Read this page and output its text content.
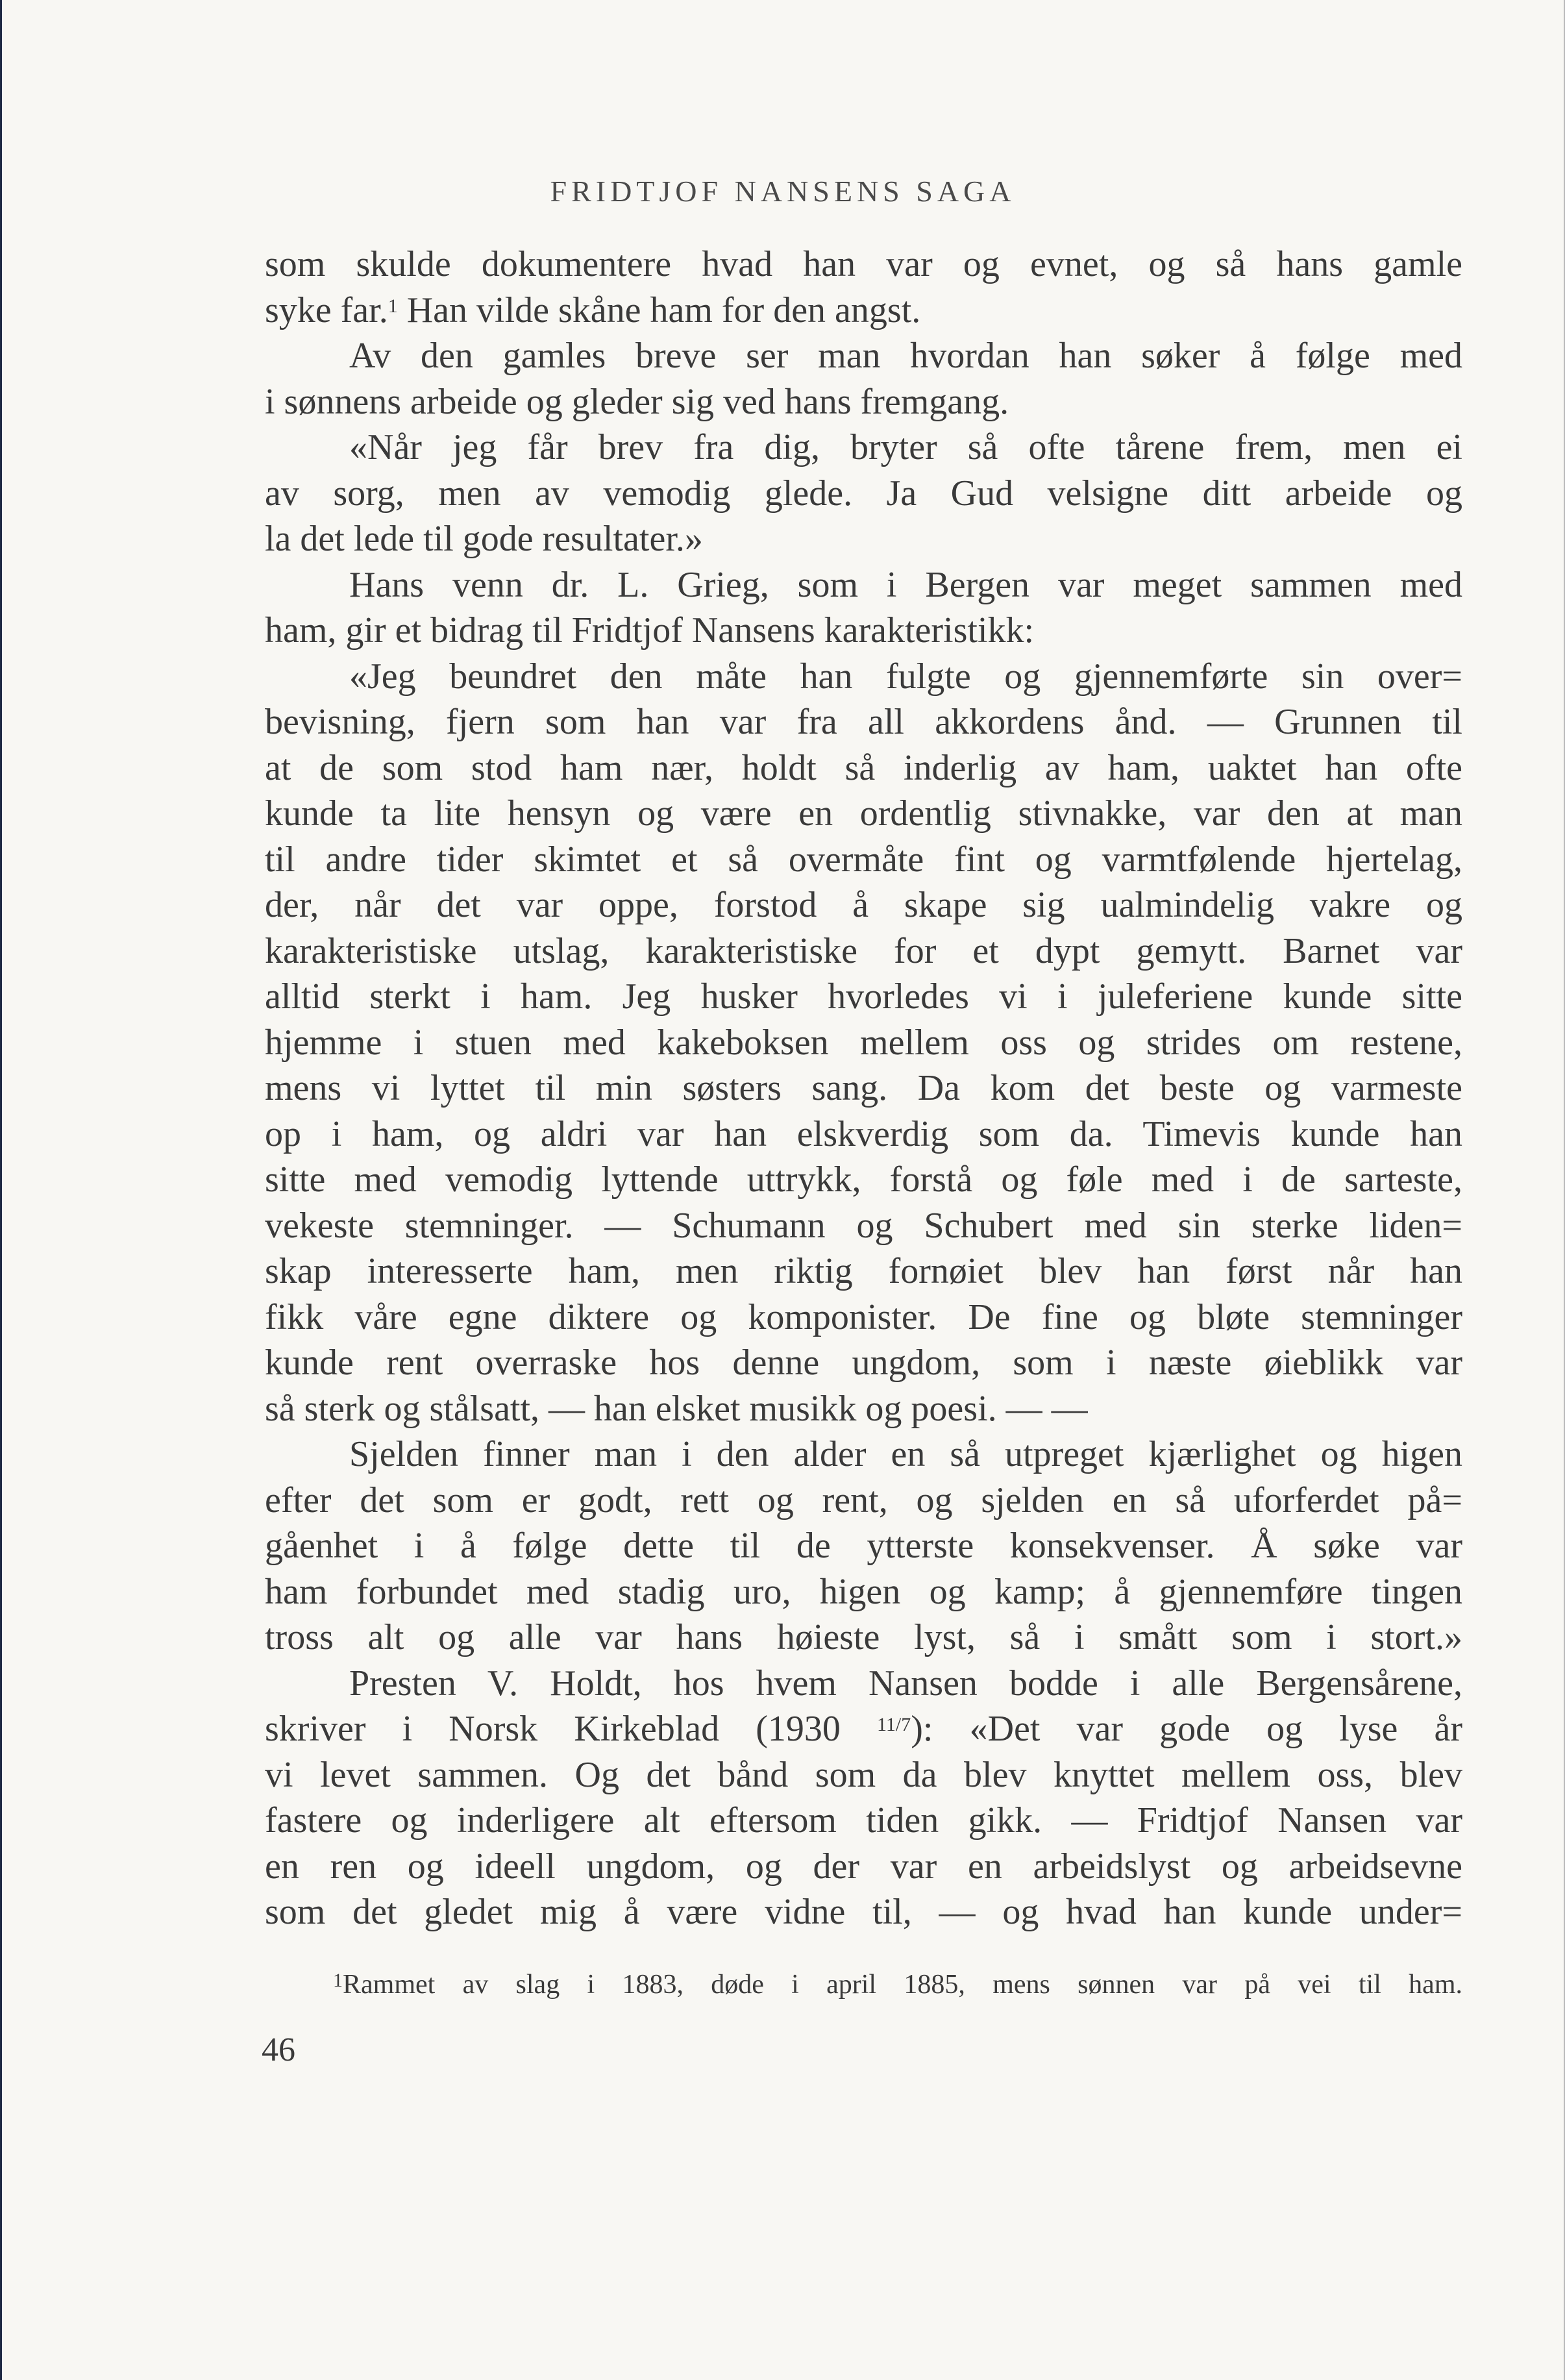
FRIDTJOF NANSENS SAGA
som skulde dokumentere hvad han var og evnet, og så hans gamle
syke far.$^1$ Han vilde skåne ham for den angst.
Av den gamles breve ser man hvordan han søker å følge med
i sønnens arbeide og gleder sig ved hans fremgang.
«Når jeg får brev fra dig, bryter så ofte tårene frem, men ei
av sorg, men av vemodig glede. Ja Gud velsigne ditt arbeide og
la det lede til gode resultater.»
Hans venn dr. L. Grieg, som i Bergen var meget sammen med
ham, gir et bidrag til Fridtjof Nansens karakteristikk:
«Jeg beundret den måte han fulgte og gjennemførte sin over=
bevisning, fjern som han var fra all akkordens ånd. — Grunnen til
at de som stod ham nær, holdt så inderlig av ham, uaktet han ofte
kunde ta lite hensyn og være en ordentlig stivnakke, var den at man
til andre tider skimtet et så overmåte fint og varmtfølende hjertelag,
der, når det var oppe, forstod å skape sig ualmindelig vakre og
karakteristiske utslag, karakteristiske for et dypt gemytt. Barnet var
alltid sterkt i ham. Jeg husker hvorledes vi i juleferiene kunde sitte
hjemme i stuen med kakeboksen mellem oss og strides om restene,
mens vi lyttet til min søsters sang. Da kom det beste og varmeste
op i ham, og aldri var han elskverdig som da. Timevis kunde han
sitte med vemodig lyttende uttrykk, forstå og føle med i de sarteste,
vekeste stemninger. — Schumann og Schubert med sin sterke liden=
skap interesserte ham, men riktig fornøiet blev han først når han
fikk våre egne diktere og komponister. De fine og bløte stemninger
kunde rent overraske hos denne ungdom, som i næste øieblikk var
så sterk og stålsatt, — han elsket musikk og poesi. — —
Sjelden finner man i den alder en så utpreget kjærlighet og higen
efter det som er godt, rett og rent, og sjelden en så uforferdet på=
gåenhet i å følge dette til de ytterste konsekvenser. Å søke var
ham forbundet med stadig uro, higen og kamp; å gjennemføre tingen
tross alt og alle var hans høieste lyst, så i smått som i stort.»
Presten V. Holdt, hos hvem Nansen bodde i alle Bergensårene,
skriver i Norsk Kirkeblad (1930 $^{11/7}$): «Det var gode og lyse år
vi levet sammen. Og det bånd som da blev knyttet mellem oss, blev
fastere og inderligere alt eftersom tiden gikk. — Fridtjof Nansen var
en ren og ideell ungdom, og der var en arbeidslyst og arbeidsevne
som det gledet mig å være vidne til, — og hvad han kunde under=
$^1$Rammet av slag i 1883, døde i april 1885, mens sønnen var på vei til ham.
46
